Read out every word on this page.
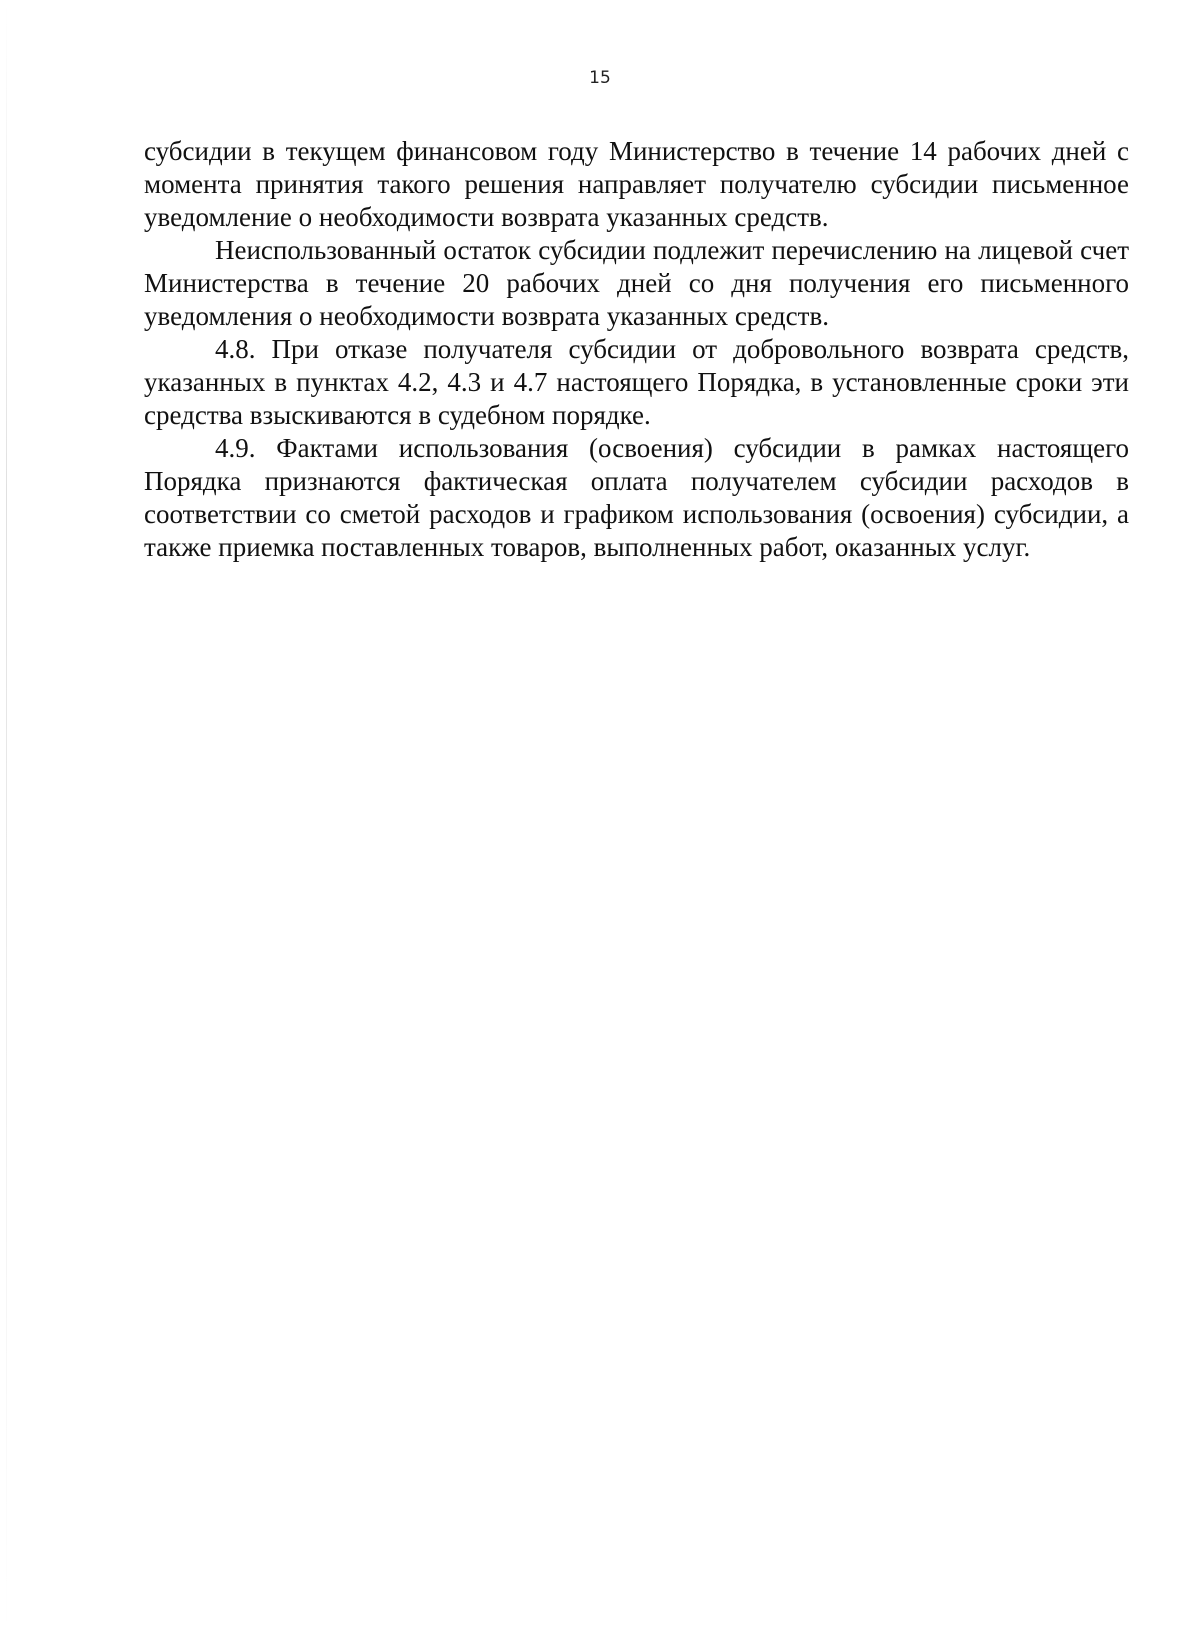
15

субсидии в текущем финансовом году Министерство в течение 14 рабочих дней с момента принятия такого решения направляет получателю субсидии письменное уведомление о необходимости возврата указанных средств.

Неиспользованный остаток субсидии подлежит перечислению на лицевой счет Министерства в течение 20 рабочих дней со дня получения его письменного уведомления о необходимости возврата указанных средств.

4.8. При отказе получателя субсидии от добровольного возврата средств, указанных в пунктах 4.2, 4.3 и 4.7 настоящего Порядка, в установленные сроки эти средства взыскиваются в судебном порядке.

4.9. Фактами использования (освоения) субсидии в рамках настоящего Порядка признаются фактическая оплата получателем субсидии расходов в соответствии со сметой расходов и графиком использования (освоения) субсидии, а также приемка поставленных товаров, выполненных работ, оказанных услуг.
